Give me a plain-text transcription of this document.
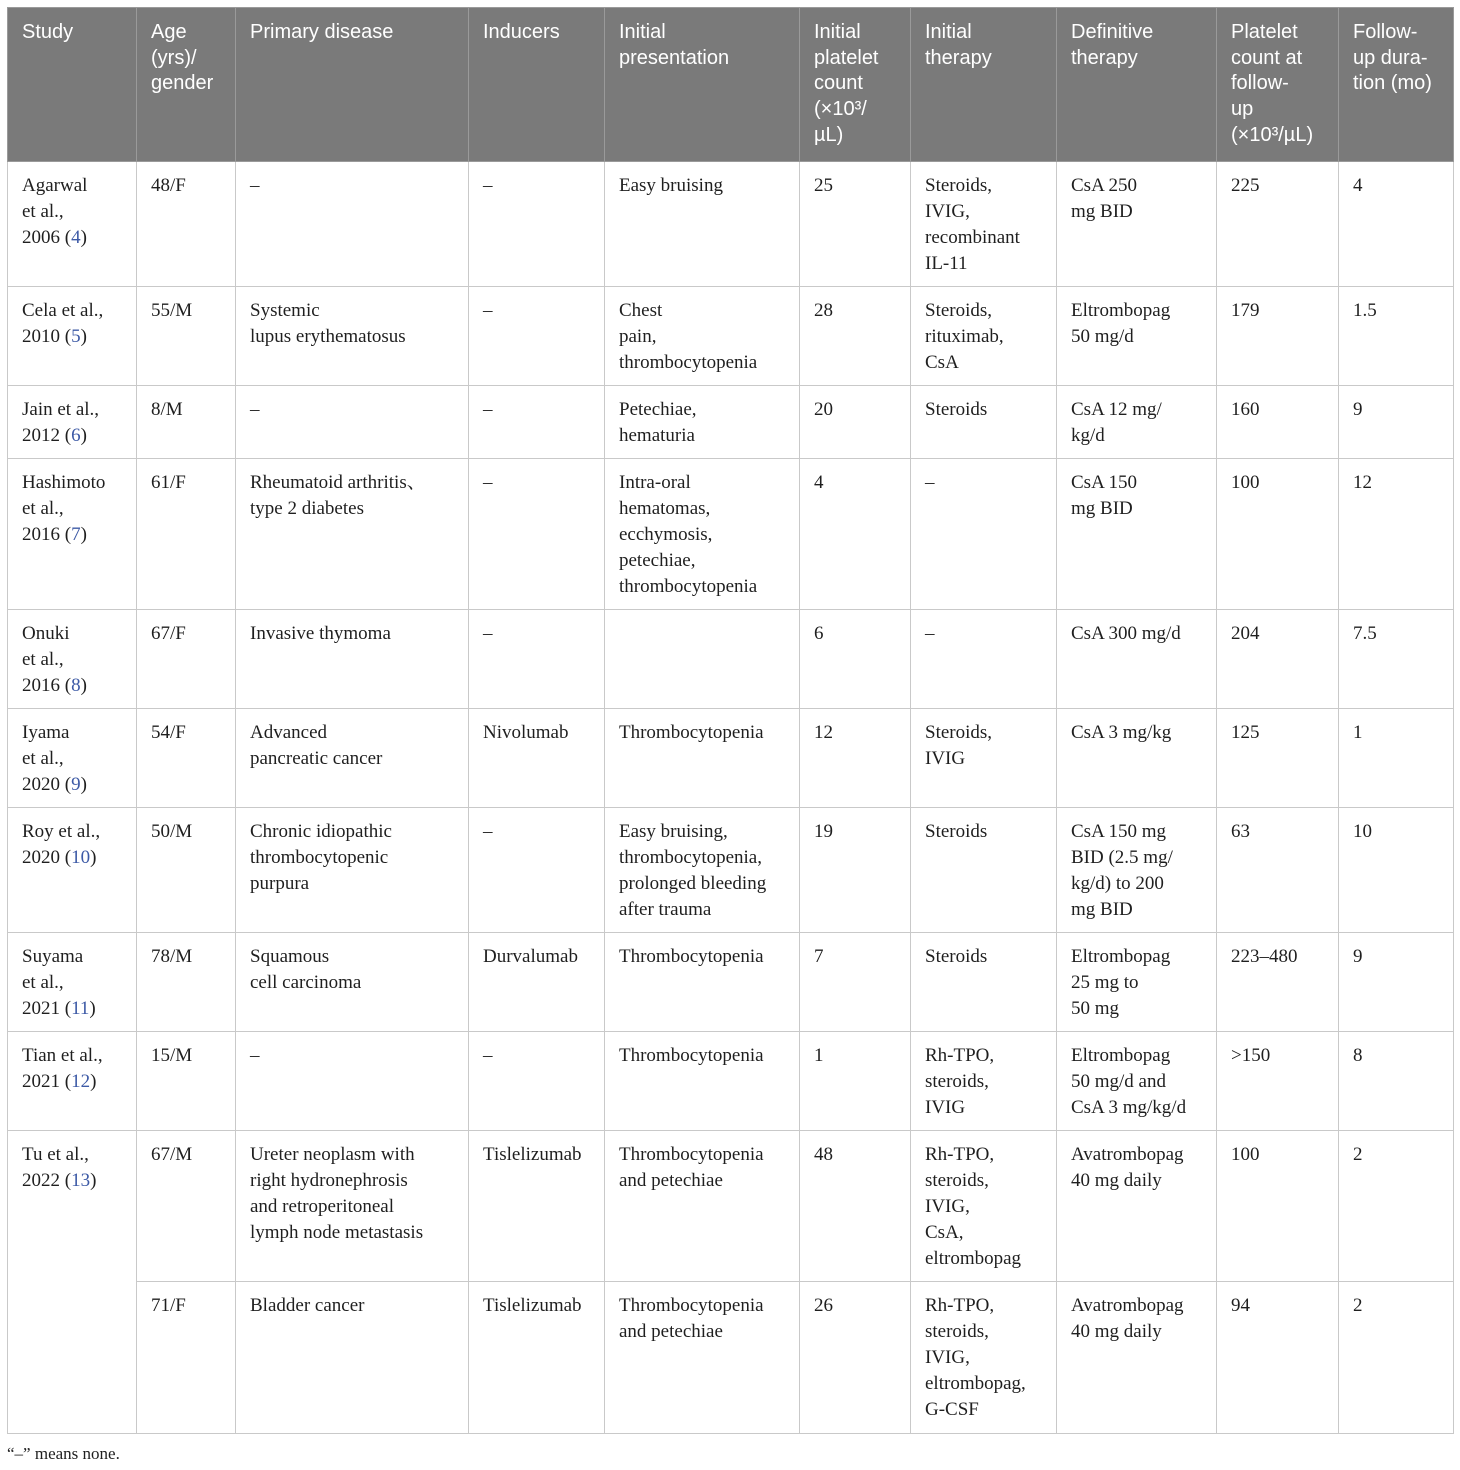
Study	Age
(yrs)/
gender	Primary disease	Inducers	Initial
presentation	Initial
platelet
count
(×10³/
µL)	Initial
therapy	Definitive
therapy	Platelet
count at
follow-
up
(×10³/µL)	Follow-
up dura-
tion (mo)

Agarwal
et al.,
2006 (4)	48/F	–	–	Easy bruising	25	Steroids,
IVIG,
recombinant
IL-11	CsA 250
mg BID	225	4

Cela et al.,
2010 (5)	55/M	Systemic
lupus erythematosus	–	Chest
pain,
thrombocytopenia	28	Steroids,
rituximab,
CsA	Eltrombopag
50 mg/d	179	1.5

Jain et al.,
2012 (6)	8/M	–	–	Petechiae,
hematuria	20	Steroids	CsA 12 mg/
kg/d	160	9

Hashimoto
et al.,
2016 (7)	61/F	Rheumatoid arthritis、
type 2 diabetes	–	Intra-oral
hematomas,
ecchymosis,
petechiae,
thrombocytopenia	4	–	CsA 150
mg BID	100	12

Onuki
et al.,
2016 (8)	67/F	Invasive thymoma	–		6	–	CsA 300 mg/d	204	7.5

Iyama
et al.,
2020 (9)	54/F	Advanced
pancreatic cancer	Nivolumab	Thrombocytopenia	12	Steroids,
IVIG	CsA 3 mg/kg	125	1

Roy et al.,
2020 (10)	50/M	Chronic idiopathic
thrombocytopenic
purpura	–	Easy bruising,
thrombocytopenia,
prolonged bleeding
after trauma	19	Steroids	CsA 150 mg
BID (2.5 mg/
kg/d) to 200
mg BID	63	10

Suyama
et al.,
2021 (11)	78/M	Squamous
cell carcinoma	Durvalumab	Thrombocytopenia	7	Steroids	Eltrombopag
25 mg to
50 mg	223–480	9

Tian et al.,
2021 (12)	15/M	–	–	Thrombocytopenia	1	Rh-TPO,
steroids,
IVIG	Eltrombopag
50 mg/d and
CsA 3 mg/kg/d	>150	8

Tu et al.,
2022 (13)	67/M	Ureter neoplasm with
right hydronephrosis
and retroperitoneal
lymph node metastasis	Tislelizumab	Thrombocytopenia
and petechiae	48	Rh-TPO,
steroids,
IVIG,
CsA,
eltrombopag	Avatrombopag
40 mg daily	100	2

	71/F	Bladder cancer	Tislelizumab	Thrombocytopenia
and petechiae	26	Rh-TPO,
steroids,
IVIG,
eltrombopag,
G-CSF	Avatrombopag
40 mg daily	94	2
“–” means none.
